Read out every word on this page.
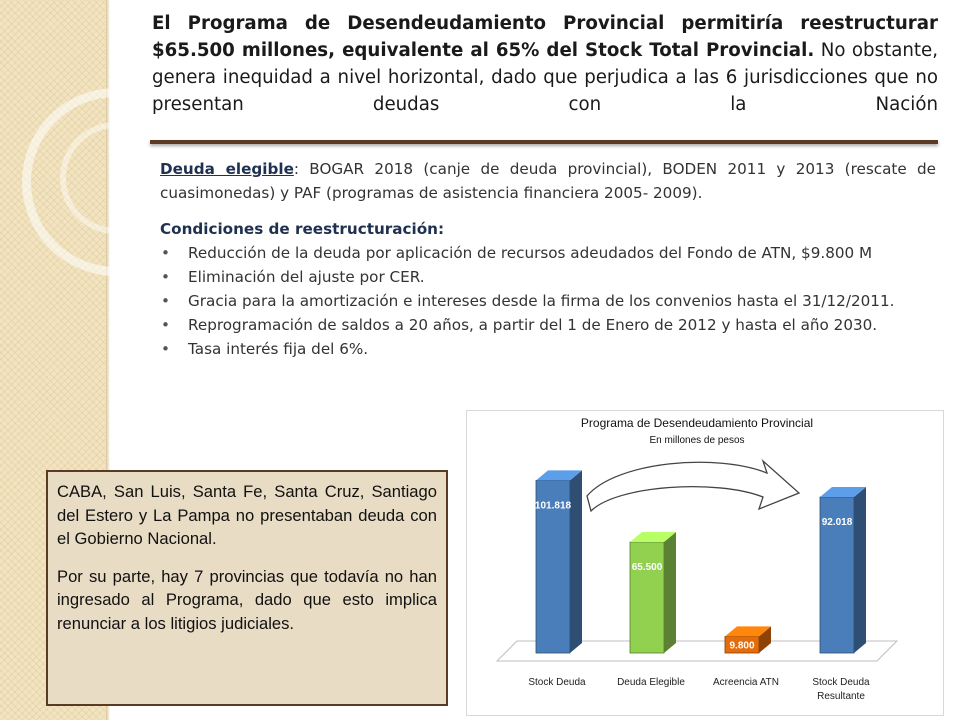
El Programa de Desendeudamiento Provincial permitiría reestructurar $65.500 millones, equivalente al 65% del Stock Total Provincial. No obstante, genera inequidad a nivel horizontal, dado que perjudica a las 6 jurisdicciones que no presentan deudas con la Nación

Deuda elegible: BOGAR 2018 (canje de deuda provincial), BODEN 2011 y 2013 (rescate de cuasimonedas) y PAF (programas de asistencia financiera 2005- 2009).

Condiciones de reestructuración:

• Reducción de la deuda por aplicación de recursos adeudados del Fondo de ATN, $9.800 M
• Eliminación del ajuste por CER.
• Gracia para la amortización e intereses desde la firma de los convenios hasta el 31/12/2011.
• Reprogramación de saldos a 20 años, a partir del 1 de Enero de 2012 y hasta el año 2030.
• Tasa interés fija del 6%.

CABA, San Luis, Santa Fe, Santa Cruz, Santiago del Estero y La Pampa no presentaban deuda con el Gobierno Nacional.

Por su parte, hay 7 provincias que todavía no han ingresado al Programa, dado que esto implica renunciar a los litigios judiciales.

Programa de Desendeudamiento Provincial
En millones de pesos
101.818
65.500
9.800
92.018
Stock Deuda	Deuda Elegible	Acreencia ATN	Stock Deuda Resultante
